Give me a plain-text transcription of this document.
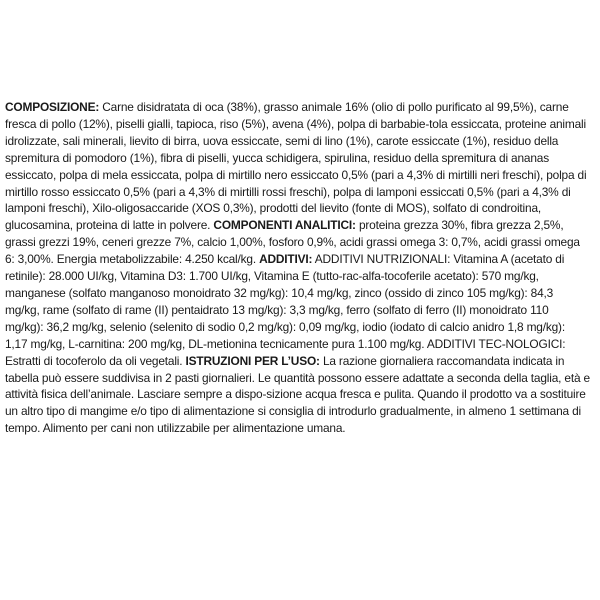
COMPOSIZIONE: Carne disidratata di oca (38%), grasso animale 16% (olio di pollo purificato al 99,5%), carne fresca di pollo (12%), piselli gialli, tapioca, riso (5%), avena (4%), polpa di barbabie-tola essiccata, proteine animali idrolizzate, sali minerali, lievito di birra, uova essiccate, semi di lino (1%), carote essiccate (1%), residuo della spremitura di pomodoro (1%), fibra di piselli, yucca schidigera, spirulina, residuo della spremitura di ananas essiccato, polpa di mela essiccata, polpa di mirtillo nero essiccato 0,5% (pari a 4,3% di mirtilli neri freschi), polpa di mirtillo rosso essiccato 0,5% (pari a 4,3% di mirtilli rossi freschi), polpa di lamponi essiccati 0,5% (pari a 4,3% di lamponi freschi), Xilo-oligosaccaride (XOS 0,3%), prodotti del lievito (fonte di MOS), solfato di condroitina, glucosamina, proteina di latte in polvere. COMPONENTI ANALITICI: proteina grezza 30%, fibra grezza 2,5%, grassi grezzi 19%, ceneri grezze 7%, calcio 1,00%, fosforo 0,9%, acidi grassi omega 3: 0,7%, acidi grassi omega 6: 3,00%. Energia metabolizzabile: 4.250 kcal/kg. ADDITIVI: ADDITIVI NUTRIZIONALI: Vitamina A (acetato di retinile): 28.000 UI/kg, Vitamina D3: 1.700 UI/kg, Vitamina E (tutto-rac-alfa-tocoferile acetato): 570 mg/kg, manganese (solfato manganoso monoidrato 32 mg/kg): 10,4 mg/kg, zinco (ossido di zinco 105 mg/kg): 84,3 mg/kg, rame (solfato di rame (II) pentaidrato 13 mg/kg): 3,3 mg/kg, ferro (solfato di ferro (II) monoidrato 110 mg/kg): 36,2 mg/kg, selenio (selenito di sodio 0,2 mg/kg): 0,09 mg/kg, iodio (iodato di calcio anidro 1,8 mg/kg): 1,17 mg/kg, L-carnitina: 200 mg/kg, DL-metionina tecnicamente pura 1.100 mg/kg. ADDITIVI TEC-NOLOGICI: Estratti di tocoferolo da oli vegetali. ISTRUZIONI PER L’USO: La razione giornaliera raccomandata indicata in tabella può essere suddivisa in 2 pasti giornalieri. Le quantità possono essere adattate a seconda della taglia, età e attività fisica dell’animale. Lasciare sempre a dispo-sizione acqua fresca e pulita. Quando il prodotto va a sostituire un altro tipo di mangime e/o tipo di alimentazione si consiglia di introdurlo gradualmente, in almeno 1 settimana di tempo. Alimento per cani non utilizzabile per alimentazione umana.
